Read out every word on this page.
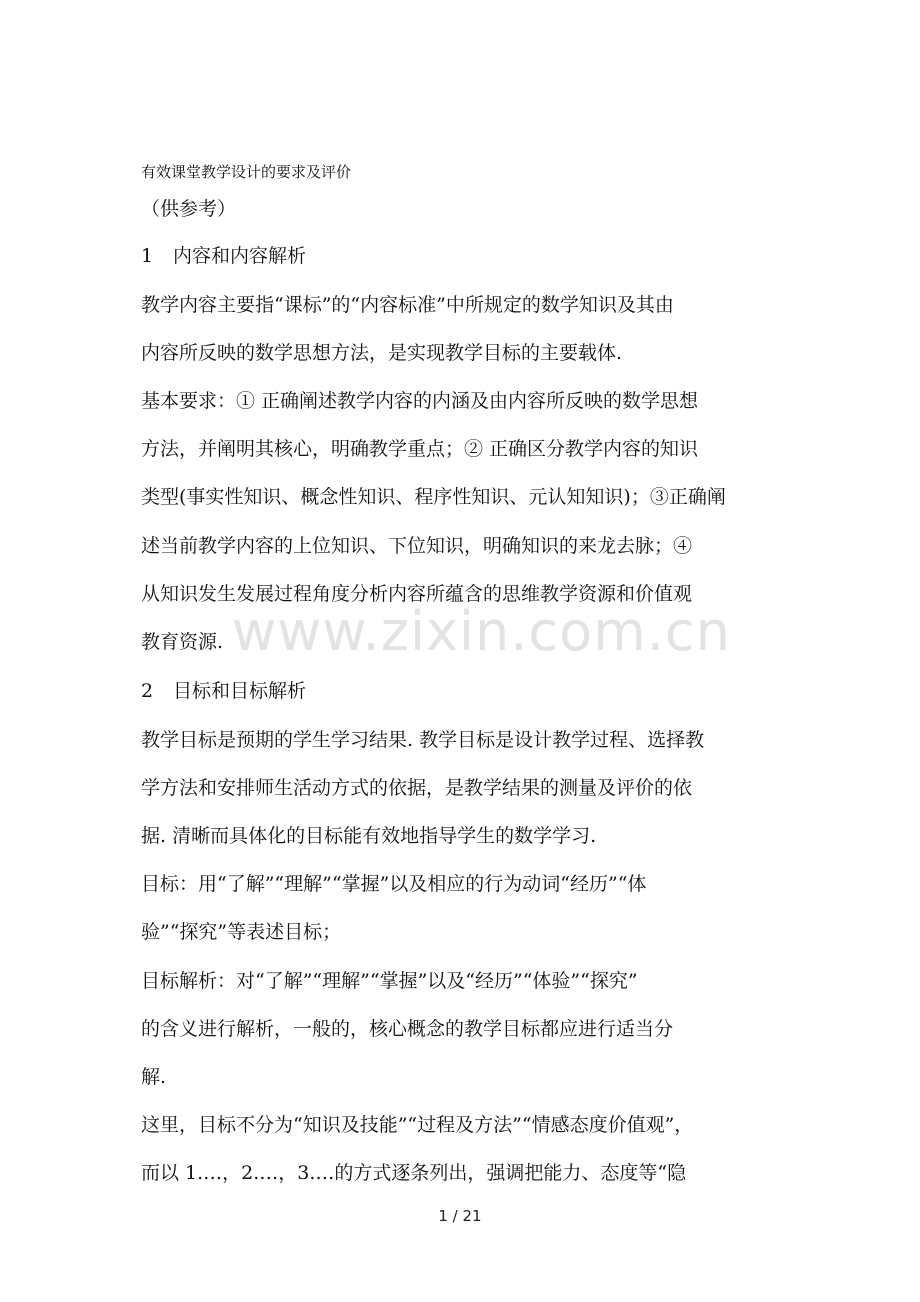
www.zixin.com.cn
有效课堂教学设计的要求及评价
（供参考）
1 内容和内容解析
教学内容主要指“课标”的“内容标准”中所规定的数学知识及其由
内容所反映的数学思想方法，是实现教学目标的主要载体.
基本要求：① 正确阐述教学内容的内涵及由内容所反映的数学思想
方法，并阐明其核心，明确教学重点；② 正确区分教学内容的知识
类型(事实性知识、概念性知识、程序性知识、元认知知识)；③正确阐
述当前教学内容的上位知识、下位知识，明确知识的来龙去脉；④
从知识发生发展过程角度分析内容所蕴含的思维教学资源和价值观
教育资源.
2 目标和目标解析
教学目标是预期的学生学习结果. 教学目标是设计教学过程、选择教
学方法和安排师生活动方式的依据，是教学结果的测量及评价的依
据. 清晰而具体化的目标能有效地指导学生的数学学习.
目标：用“了解”“理解”“掌握”以及相应的行为动词“经历”“体
验”“探究”等表述目标；
目标解析：对“了解”“理解”“掌握”以及“经历”“体验”“探究”
的含义进行解析，一般的，核心概念的教学目标都应进行适当分
解.
这里，目标不分为“知识及技能”“过程及方法”“情感态度价值观”，
而以 1.…，2.…，3.…的方式逐条列出，强调把能力、态度等“隐
1 / 21
